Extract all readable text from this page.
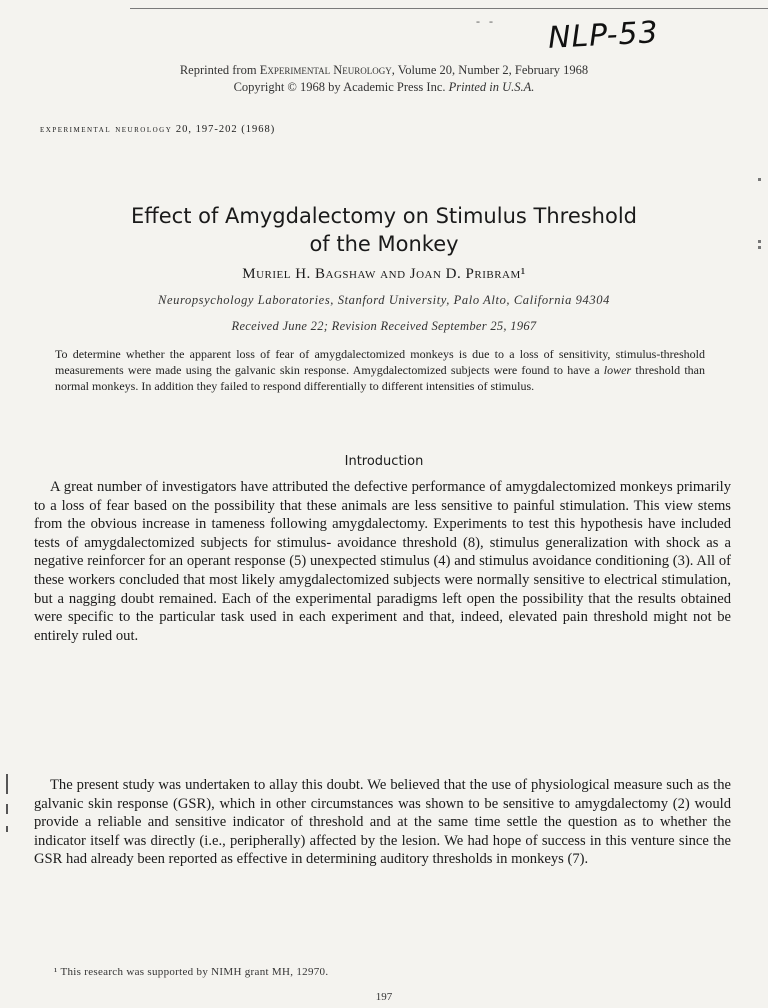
- - NLP-53
Reprinted from Experimental Neurology, Volume 20, Number 2, February 1968
Copyright © 1968 by Academic Press Inc. Printed in U.S.A.
experimental neurology 20, 197-202 (1968)
Effect of Amygdalectomy on Stimulus Threshold
of the Monkey
Muriel H. Bagshaw and Joan D. Pribram¹
Neuropsychology Laboratories, Stanford University, Palo Alto, California 94304
Received June 22; Revision Received September 25, 1967
To determine whether the apparent loss of fear of amygdalectomized monkeys is due to a loss of sensitivity, stimulus-threshold measurements were made using the galvanic skin response. Amygdalectomized subjects were found to have a lower threshold than normal monkeys. In addition they failed to respond differentially to different intensities of stimulus.
Introduction

A great number of investigators have attributed the defective performance of amygdalectomized monkeys primarily to a loss of fear based on the possibility that these animals are less sensitive to painful stimulation. This view stems from the obvious increase in tameness following amygdalectomy. Experiments to test this hypothesis have included tests of amygdalectomized subjects for stimulus- avoidance threshold (8), stimulus generalization with shock as a negative reinforcer for an operant response (5) unexpected stimulus (4) and stimulus avoidance conditioning (3). All of these workers concluded that most likely amygdalectomized subjects were normally sensitive to electrical stimulation, but a nagging doubt remained. Each of the experimental paradigms left open the possibility that the results obtained were specific to the particular task used in each experiment and that, indeed, elevated pain threshold might not be entirely ruled out.

The present study was undertaken to allay this doubt. We believed that the use of physiological measure such as the galvanic skin response (GSR), which in other circumstances was shown to be sensitive to amygdalectomy (2) would provide a reliable and sensitive indicator of threshold and at the same time settle the question as to whether the indicator itself was directly (i.e., peripherally) affected by the lesion. We had hope of success in this venture since the GSR had already been reported as effective in determining auditory thresholds in monkeys (7).

¹ This research was supported by NIMH grant MH, 12970.
197
